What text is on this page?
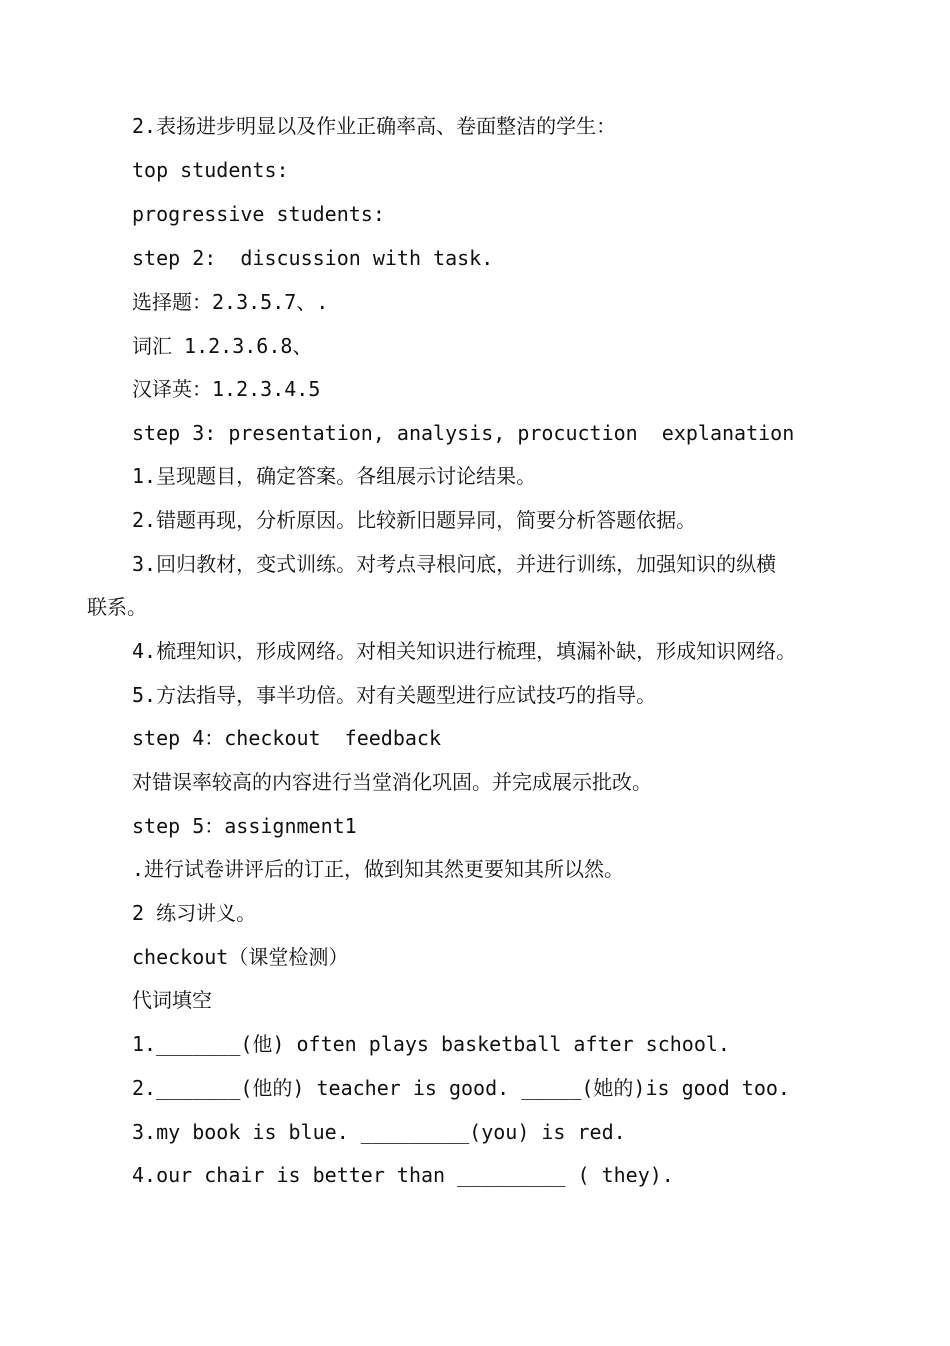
2.表扬进步明显以及作业正确率高、卷面整洁的学生：
top students:
progressive students:
step 2:  discussion with task.
选择题：2.3.5.7、.
词汇 1.2.3.6.8、
汉译英：1.2.3.4.5
step 3: presentation, analysis, procuction  explanation
1.呈现题目，确定答案。各组展示讨论结果。
2.错题再现，分析原因。比较新旧题异同，简要分析答题依据。
3.回归教材，变式训练。对考点寻根问底，并进行训练，加强知识的纵横
联系。
4.梳理知识，形成网络。对相关知识进行梳理，填漏补缺，形成知识网络。
5.方法指导，事半功倍。对有关题型进行应试技巧的指导。
step 4：checkout  feedback
对错误率较高的内容进行当堂消化巩固。并完成展示批改。
step 5：assignment1
.进行试卷讲评后的订正，做到知其然更要知其所以然。
2 练习讲义。
checkout（课堂检测）
代词填空
1._______(他) often plays basketball after school.
2._______(他的) teacher is good. _____(她的)is good too.
3.my book is blue. _________(you) is red.
4.our chair is better than _________ ( they).
